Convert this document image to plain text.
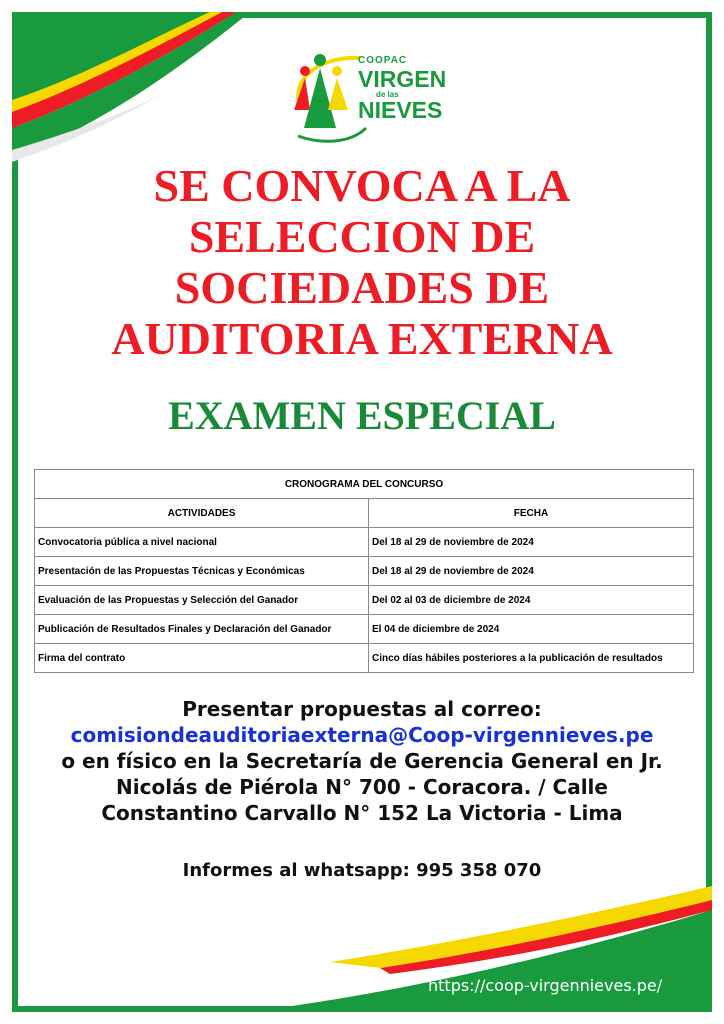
COOPAC
VIRGEN
de las
NIEVES
SE CONVOCA A LA
SELECCION DE
SOCIEDADES DE
AUDITORIA EXTERNA
EXAMEN ESPECIAL
CRONOGRAMA DEL CONCURSO	
ACTIVIDADES	FECHA
Convocatoria pública a nivel nacional	Del 18 al 29 de noviembre de 2024
Presentación de las Propuestas Técnicas y Económicas	Del 18 al 29 de noviembre de 2024
Evaluación de las Propuestas y Selección del Ganador	Del 02 al 03 de diciembre de 2024
Publicación de Resultados Finales y Declaración del Ganador	El 04 de diciembre de 2024
Firma del contrato	Cinco días hábiles posteriores a la publicación de resultados
Presentar propuestas al correo:
comisiondeauditoriaexterna@Coop-virgennieves.pe
o en físico en la Secretaría de Gerencia General en Jr.
Nicolás de Piérola N° 700 - Coracora. / Calle
Constantino Carvallo N° 152 La Victoria - Lima
Informes al whatsapp: 995 358 070
https://coop-virgennieves.pe/
